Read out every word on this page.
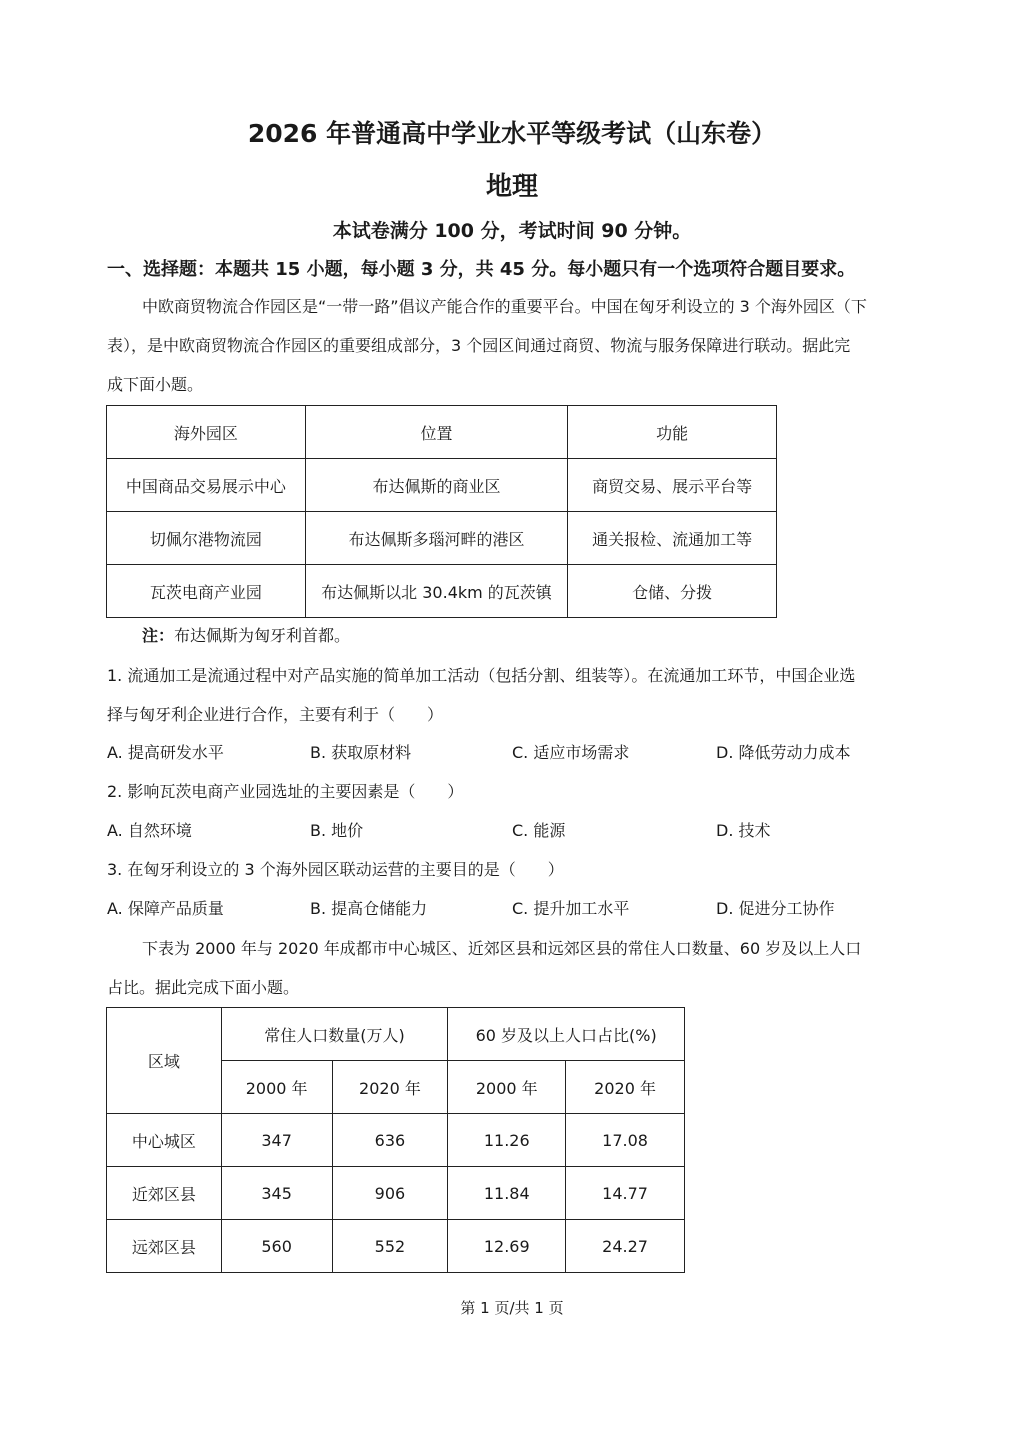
2026 年普通高中学业水平等级考试（山东卷）
地理
本试卷满分 100 分，考试时间 90 分钟。
一、选择题：本题共 15 小题，每小题 3 分，共 45 分。每小题只有一个选项符合题目要求。
中欧商贸物流合作园区是“一带一路”倡议产能合作的重要平台。中国在匈牙利设立的 3 个海外园区（下
表），是中欧商贸物流合作园区的重要组成部分，3 个园区间通过商贸、物流与服务保障进行联动。据此完
成下面小题。
海外园区	位置	功能
中国商品交易展示中心	布达佩斯的商业区	商贸交易、展示平台等
切佩尔港物流园	布达佩斯多瑙河畔的港区	通关报检、流通加工等
瓦茨电商产业园	布达佩斯以北 30.4km 的瓦茨镇	仓储、分拨
注：布达佩斯为匈牙利首都。
1. 流通加工是流通过程中对产品实施的简单加工活动（包括分割、组装等）。在流通加工环节，中国企业选
择与匈牙利企业进行合作，主要有利于（　　）
A. 提高研发水平	B. 获取原材料	C. 适应市场需求	D. 降低劳动力成本
2. 影响瓦茨电商产业园选址的主要因素是（　　）
A. 自然环境	B. 地价	C. 能源	D. 技术
3. 在匈牙利设立的 3 个海外园区联动运营的主要目的是（　　）
A. 保障产品质量	B. 提高仓储能力	C. 提升加工水平	D. 促进分工协作
下表为 2000 年与 2020 年成都市中心城区、近郊区县和远郊区县的常住人口数量、60 岁及以上人口
占比。据此完成下面小题。
区域	常住人口数量(万人)		60 岁及以上人口占比(%)	
	2000 年	2020 年	2000 年	2020 年
中心城区	347	636	11.26	17.08
近郊区县	345	906	11.84	14.77
远郊区县	560	552	12.69	24.27
第 1 页/共 1 页
